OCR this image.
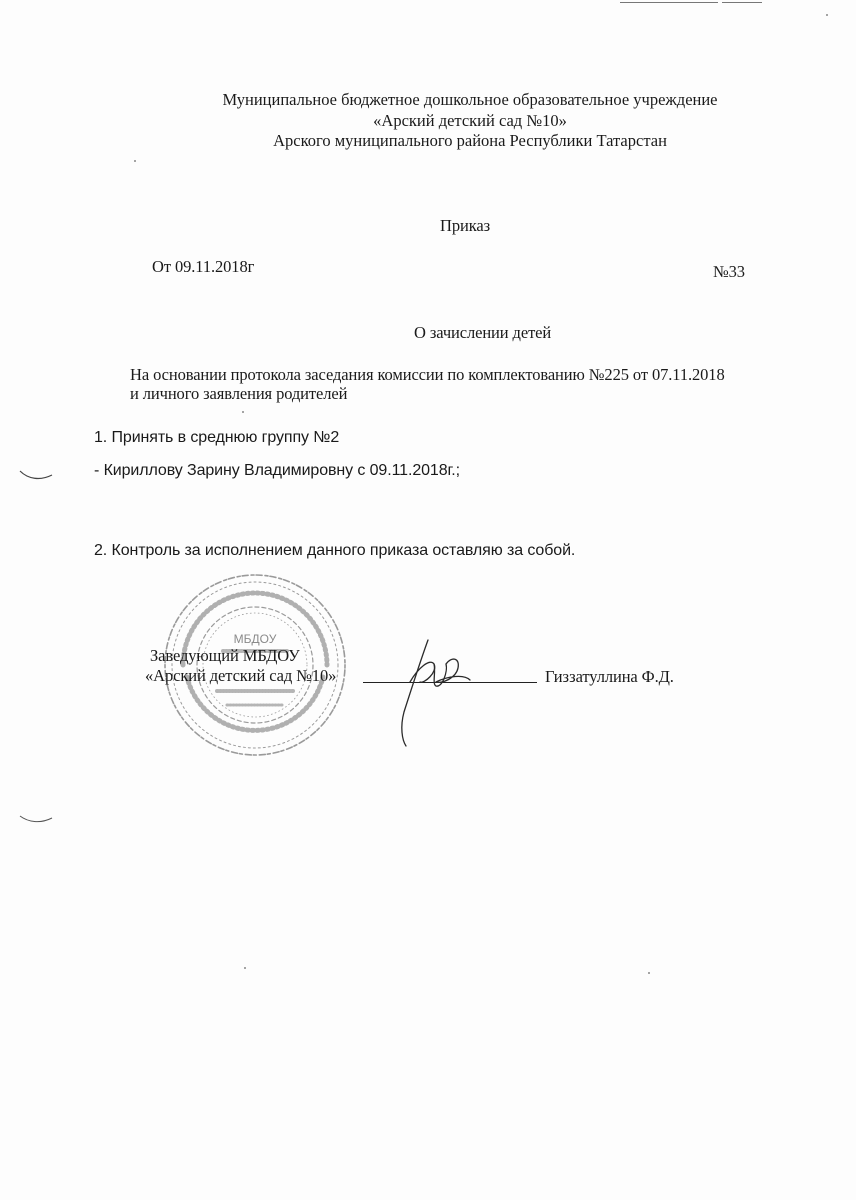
Муниципальное бюджетное дошкольное образовательное учреждение
«Арский детский сад №10»
Арского муниципального района Республики Татарстан
Приказ
От 09.11.2018г	№33
О зачислении детей
На основании протокола заседания комиссии по комплектованию №225 от 07.11.2018
и личного заявления родителей
1. Принять в среднюю группу №2
- Кириллову Зарину Владимировну с 09.11.2018г.;
2. Контроль за исполнением данного приказа оставляю за собой.
МБДОУ
Заведующий МБДОУ
«Арский детский сад №10»	Гиззатуллина Ф.Д.
